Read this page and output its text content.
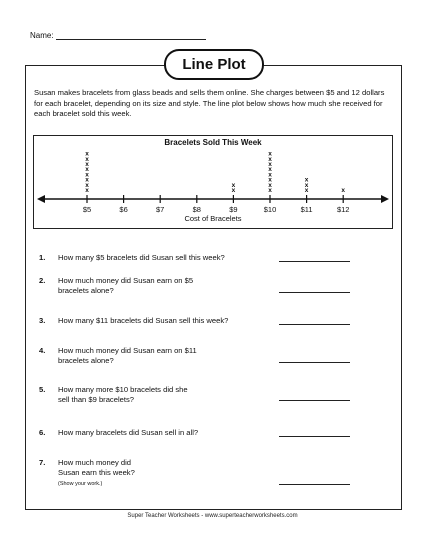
Name:
Line Plot
Susan makes bracelets from glass beads and sells them online. She charges between $5 and 12 dollars for each bracelet, depending on its size and style. The line plot below shows how much she received for each bracelet sold this week.
Bracelets Sold This Week
$5
x
x
x
x
x
x
x
x
$6	$7	$8	$9
x
x
$10
x
x
x
x
x
x
x
x
$11
x
x
x
$12
x
Cost of Bracelets
1. How many $5 bracelets did Susan sell this week?
2. How much money did Susan earn on $5 bracelets alone?
3. How many $11 bracelets did Susan sell this week?
4. How much money did Susan earn on $11 bracelets alone?
5. How many more $10 bracelets did she sell than $9 bracelets?
6. How many bracelets did Susan sell in all?
7. How much money did Susan earn this week?
(Show your work.)
Super Teacher Worksheets - www.superteacherworksheets.com
